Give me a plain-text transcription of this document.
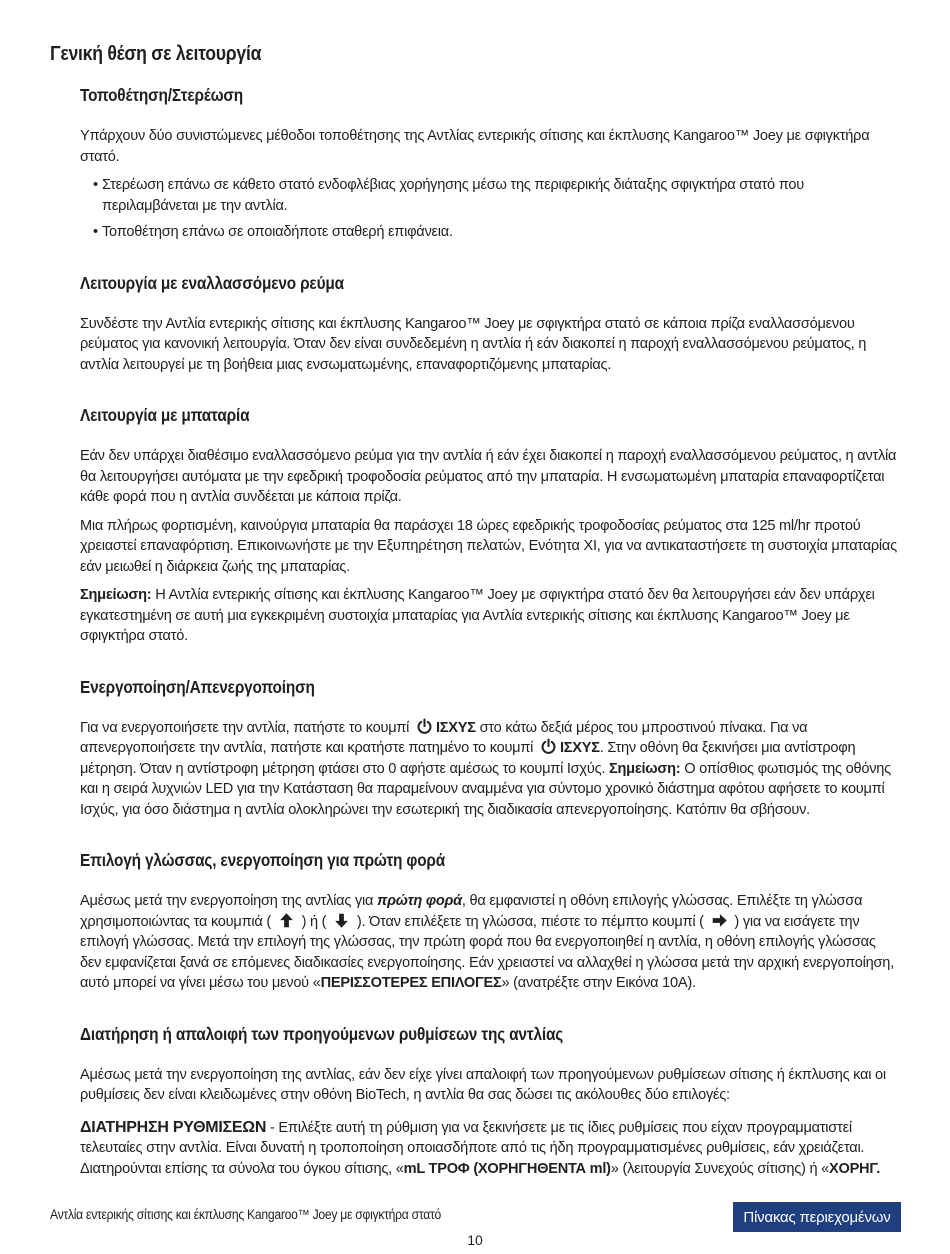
Γενική θέση σε λειτουργία
Τοποθέτηση/Στερέωση

Υπάρχουν δύο συνιστώμενες μέθοδοι τοποθέτησης της Αντλίας εντερικής σίτισης και έκπλυσης Kangaroo™ Joey με σφιγκτήρα στατό.

• Στερέωση επάνω σε κάθετο στατό ενδοφλέβιας χορήγησης μέσω της περιφερικής διάταξης σφιγκτήρα στατό που περιλαμβάνεται με την αντλία.
• Τοποθέτηση επάνω σε οποιαδήποτε σταθερή επιφάνεια.
Λειτουργία με εναλλασσόμενο ρεύμα

Συνδέστε την Αντλία εντερικής σίτισης και έκπλυσης Kangaroo™ Joey με σφιγκτήρα στατό σε κάποια πρίζα εναλλασσόμενου ρεύματος για κανονική λειτουργία. Όταν δεν είναι συνδεδεμένη η αντλία ή εάν διακοπεί η παροχή εναλλασσόμενου ρεύματος, η αντλία λειτουργεί με τη βοήθεια μιας ενσωματωμένης, επαναφορτιζόμενης μπαταρίας.

Λειτουργία με μπαταρία

Εάν δεν υπάρχει διαθέσιμο εναλλασσόμενο ρεύμα για την αντλία ή εάν έχει διακοπεί η παροχή εναλλασσόμενου ρεύματος, η αντλία θα λειτουργήσει αυτόματα με την εφεδρική τροφοδοσία ρεύματος από την μπαταρία. Η ενσωματωμένη μπαταρία επαναφορτίζεται κάθε φορά που η αντλία συνδέεται με κάποια πρίζα.

Μια πλήρως φορτισμένη, καινούργια μπαταρία θα παράσχει 18 ώρες εφεδρικής τροφοδοσίας ρεύματος στα 125 ml/hr προτού χρειαστεί επαναφόρτιση. Επικοινωνήστε με την Εξυπηρέτηση πελατών, Ενότητα XI, για να αντικαταστήσετε τη συστοιχία μπαταρίας εάν μειωθεί η διάρκεια ζωής της μπαταρίας.

Σημείωση: Η Αντλία εντερικής σίτισης και έκπλυσης Kangaroo™ Joey με σφιγκτήρα στατό δεν θα λειτουργήσει εάν δεν υπάρχει εγκατεστημένη σε αυτή μια εγκεκριμένη συστοιχία μπαταρίας για Αντλία εντερικής σίτισης και έκπλυσης Kangaroo™ Joey με σφιγκτήρα στατό.

Ενεργοποίηση/Απενεργοποίηση

Για να ενεργοποιήσετε την αντλία, πατήστε το κουμπί
ΙΣΧΥΣ στο κάτω δεξιά μέρος του μπροστινού πίνακα. Για να απενεργοποιήσετε την αντλία, πατήστε και κρατήστε πατημένο το κουμπί
ΙΣΧΥΣ. Στην οθόνη θα ξεκινήσει μια αντίστροφη μέτρηση. Όταν η αντίστροφη μέτρηση φτάσει στο 0 αφήστε αμέσως το κουμπί Ισχύς. Σημείωση: Ο οπίσθιος φωτισμός της οθόνης και η σειρά λυχνιών LED για την Κατάσταση θα παραμείνουν αναμμένα για σύντομο χρονικό διάστημα αφότου αφήσετε το κουμπί Ισχύς, για όσο διάστημα η αντλία ολοκληρώνει την εσωτερική της διαδικασία απενεργοποίησης. Κατόπιν θα σβήσουν.

Επιλογή γλώσσας, ενεργοποίηση για πρώτη φορά

Αμέσως μετά την ενεργοποίηση της αντλίας για πρώτη φορά, θα εμφανιστεί η οθόνη επιλογής γλώσσας. Επιλέξτε τη γλώσσα χρησιμοποιώντας τα κουμπιά (
) ή (
). Όταν επιλέξετε τη γλώσσα, πιέστε το πέμπτο κουμπί (
) για να εισάγετε την επιλογή γλώσσας. Μετά την επιλογή της γλώσσας, την πρώτη φορά που θα ενεργοποιηθεί η αντλία, η οθόνη επιλογής γλώσσας δεν εμφανίζεται ξανά σε επόμενες διαδικασίες ενεργοποίησης. Εάν χρειαστεί να αλλαχθεί η γλώσσα μετά την αρχική ενεργοποίηση, αυτό μπορεί να γίνει μέσω του μενού «ΠΕΡΙΣΣΟΤΕΡΕΣ ΕΠΙΛΟΓΕΣ» (ανατρέξτε στην Εικόνα 10Α).

Διατήρηση ή απαλοιφή των προηγούμενων ρυθμίσεων της αντλίας

Αμέσως μετά την ενεργοποίηση της αντλίας, εάν δεν είχε γίνει απαλοιφή των προηγούμενων ρυθμίσεων σίτισης ή έκπλυσης και οι ρυθμίσεις δεν είναι κλειδωμένες στην οθόνη BioTech, η αντλία θα σας δώσει τις ακόλουθες δύο επιλογές:

ΔΙΑΤΗΡΗΣΗ ΡΥΘΜΙΣΕΩΝ - Επιλέξτε αυτή τη ρύθμιση για να ξεκινήσετε με τις ίδιες ρυθμίσεις που είχαν προγραμματιστεί τελευταίες στην αντλία. Είναι δυνατή η τροποποίηση οποιασδήποτε από τις ήδη προγραμματισμένες ρυθμίσεις, εάν χρειάζεται. Διατηρούνται επίσης τα σύνολα του όγκου σίτισης, «mL ΤΡΟΦ (ΧΟΡΗΓΗΘΕΝΤΑ ml)» (λειτουργία Συνεχούς σίτισης) ή «ΧΟΡΗΓ.

Αντλία εντερικής σίτισης και έκπλυσης Kangaroo™ Joey με σφιγκτήρα στατό	Πίνακας περιεχομένων
10
